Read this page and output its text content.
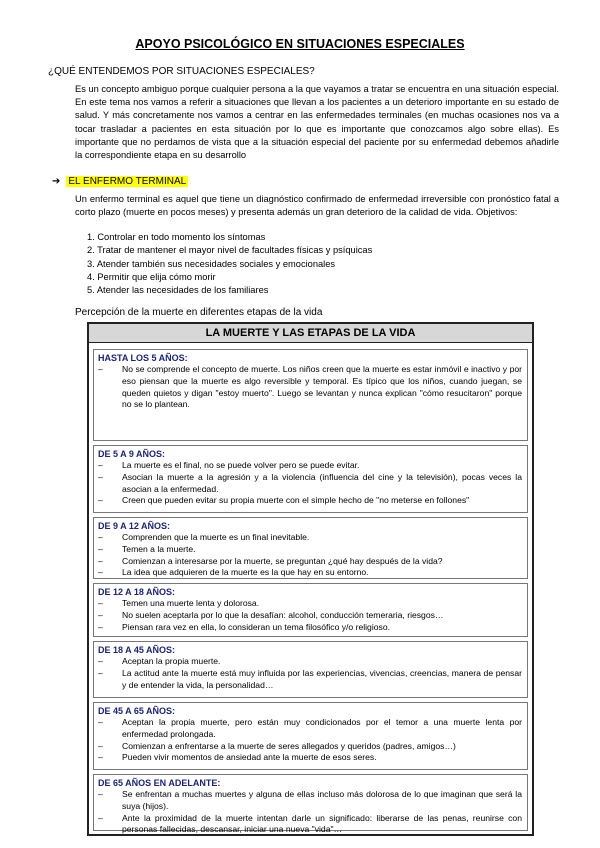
APOYO PSICOLÓGICO EN SITUACIONES ESPECIALES
¿QUÉ ENTENDEMOS POR SITUACIONES ESPECIALES?
Es un concepto ambiguo porque cualquier persona a la que vayamos a tratar se encuentra en una situación especial. En este tema nos vamos a referir a situaciones que llevan a los pacientes a un deterioro importante en su estado de salud. Y más concretamente nos vamos a centrar en las enfermedades terminales (en muchas ocasiones nos va a tocar trasladar a pacientes en esta situación por lo que es importante que conozcamos algo sobre ellas). Es importante que no perdamos de vista que a la situación especial del paciente por su enfermedad debemos añadirle la correspondiente etapa en su desarrollo
➔ EL ENFERMO TERMINAL
Un enfermo terminal es aquel que tiene un diagnóstico confirmado de enfermedad irreversible con pronóstico fatal a corto plazo (muerte en pocos meses) y presenta además un gran deterioro de la calidad de vida. Objetivos:
1. Controlar en todo momento los síntomas
2. Tratar de mantener el mayor nivel de facultades físicas y psíquicas
3. Atender también sus necesidades sociales y emocionales
4. Permitir que elija cómo morir
5. Atender las necesidades de los familiares
Percepción de la muerte en diferentes etapas de la vida
LA MUERTE Y LAS ETAPAS DE LA VIDA
HASTA LOS 5 AÑOS:
–	No se comprende el concepto de muerte. Los niños creen que la muerte es estar inmóvil e inactivo y por eso piensan que la muerte es algo reversible y temporal. Es típico que los niños, cuando juegan, se queden quietos y digan "estoy muerto". Luego se levantan y nunca explican "cómo resucitaron" porque no se lo plantean.
DE 5 A 9 AÑOS:
–	La muerte es el final, no se puede volver pero se puede evitar.
–	Asocian la muerte a la agresión y a la violencia (influencia del cine y la televisión), pocas veces la asocian a la enfermedad.
–	Creen que pueden evitar su propia muerte con el simple hecho de "no meterse en follones"
DE 9 A 12 AÑOS:
–	Comprenden que la muerte es un final inevitable.
–	Temen a la muerte.
–	Comienzan a interesarse por la muerte, se preguntan ¿qué hay después de la vida?
–	La idea que adquieren de la muerte es la que hay en su entorno.
DE 12 A 18 AÑOS:
–	Temen una muerte lenta y dolorosa.
–	No suelen aceptarla por lo que la desafían: alcohol, conducción temeraria, riesgos…
–	Piensan rara vez en ella, lo consideran un tema filosófico y/o religioso.
DE 18 A 45 AÑOS:
–	Aceptan la propia muerte.
–	La actitud ante la muerte está muy influida por las experiencias, vivencias, creencias, manera de pensar y de entender la vida, la personalidad…
DE 45 A 65 AÑOS:
–	Aceptan la propia muerte, pero están muy condicionados por el temor a una muerte lenta por enfermedad prolongada.
–	Comienzan a enfrentarse a la muerte de seres allegados y queridos (padres, amigos…)
–	Pueden vivir momentos de ansiedad ante la muerte de esos seres.
DE 65 AÑOS EN ADELANTE:
–	Se enfrentan a muchas muertes y alguna de ellas incluso más dolorosa de lo que imaginan que será la suya (hijos).
–	Ante la proximidad de la muerte intentan darle un significado: liberarse de las penas, reunirse con personas fallecidas, descansar, iniciar una nueva "vida"…
